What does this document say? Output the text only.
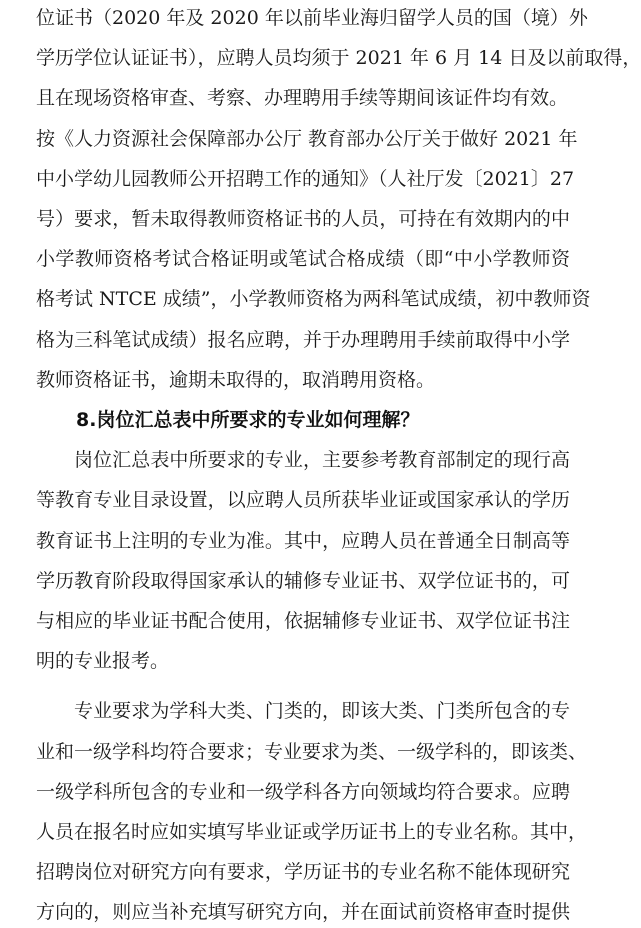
位证书（2020 年及 2020 年以前毕业海归留学人员的国（境）外
学历学位认证证书），应聘人员均须于 2021 年 6 月 14 日及以前取得，
且在现场资格审查、考察、办理聘用手续等期间该证件均有效。
按《人力资源社会保障部办公厅 教育部办公厅关于做好 2021 年
中小学幼儿园教师公开招聘工作的通知》（人社厅发〔2021〕27
号）要求，暂未取得教师资格证书的人员，可持在有效期内的中
小学教师资格考试合格证明或笔试合格成绩（即“中小学教师资
格考试 NTCE 成绩”，小学教师资格为两科笔试成绩，初中教师资
格为三科笔试成绩）报名应聘，并于办理聘用手续前取得中小学
教师资格证书，逾期未取得的，取消聘用资格。
8.岗位汇总表中所要求的专业如何理解？
岗位汇总表中所要求的专业，主要参考教育部制定的现行高
等教育专业目录设置，以应聘人员所获毕业证或国家承认的学历
教育证书上注明的专业为准。其中，应聘人员在普通全日制高等
学历教育阶段取得国家承认的辅修专业证书、双学位证书的，可
与相应的毕业证书配合使用，依据辅修专业证书、双学位证书注
明的专业报考。
专业要求为学科大类、门类的，即该大类、门类所包含的专
业和一级学科均符合要求；专业要求为类、一级学科的，即该类、
一级学科所包含的专业和一级学科各方向领域均符合要求。应聘
人员在报名时应如实填写毕业证或学历证书上的专业名称。其中，
招聘岗位对研究方向有要求，学历证书的专业名称不能体现研究
方向的，则应当补充填写研究方向，并在面试前资格审查时提供
